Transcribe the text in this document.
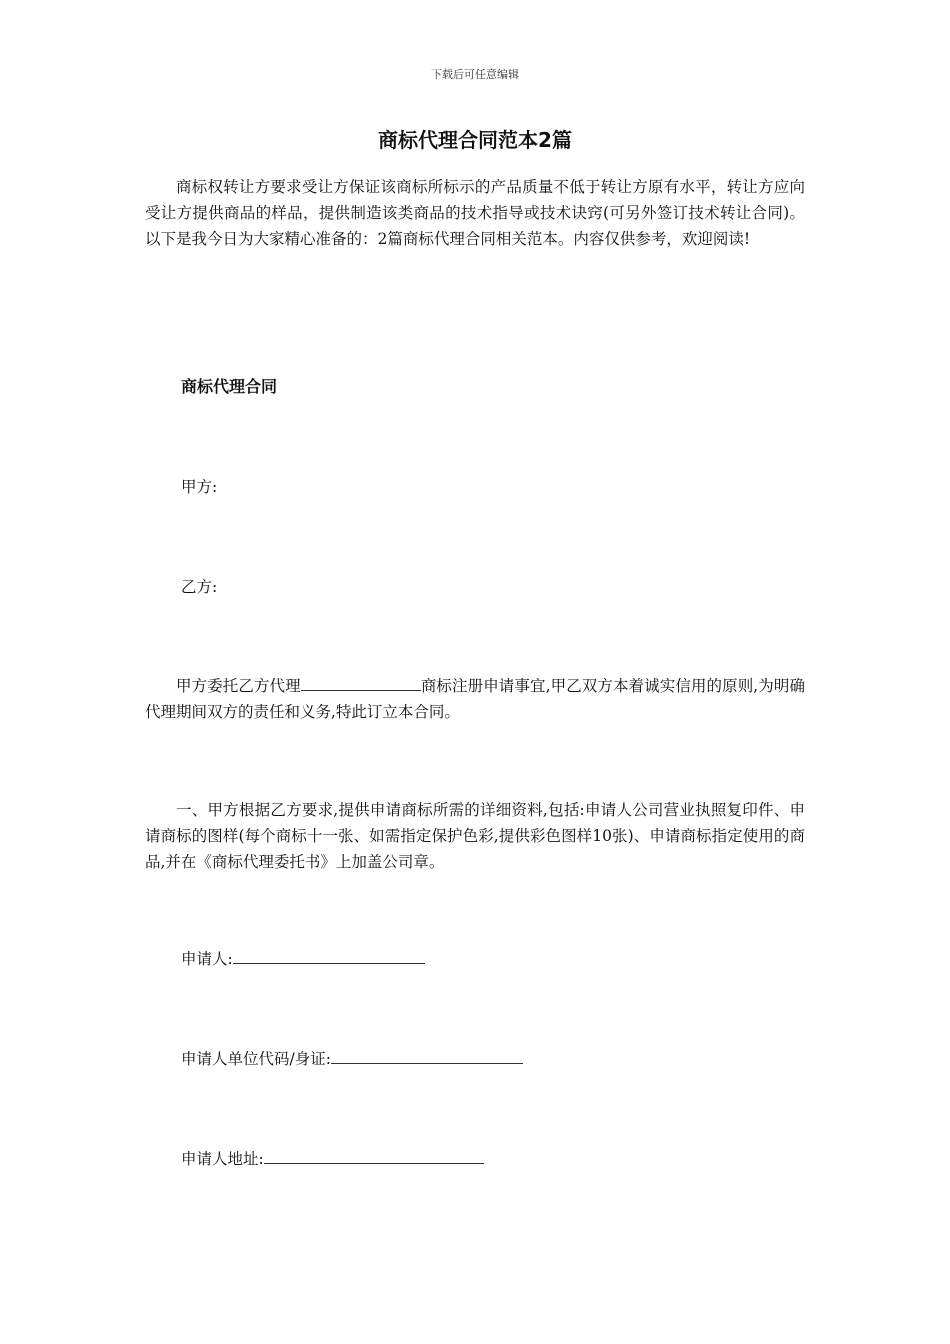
下载后可任意编辑
商标代理合同范本2篇
商标权转让方要求受让方保证该商标所标示的产品质量不低于转让方原有水平，转让方应向受让方提供商品的样品，提供制造该类商品的技术指导或技术诀窍(可另外签订技术转让合同)。以下是我今日为大家精心准备的：2篇商标代理合同相关范本。内容仅供参考，欢迎阅读!
商标代理合同
甲方:
乙方:
甲方委托乙方代理	商标注册申请事宜,甲乙双方本着诚实信用的原则,为明确代理期间双方的责任和义务,特此订立本合同。
一、甲方根据乙方要求,提供申请商标所需的详细资料,包括:申请人公司营业执照复印件、申请商标的图样(每个商标十一张、如需指定保护色彩,提供彩色图样10张)、申请商标指定使用的商品,并在《商标代理委托书》上加盖公司章。
申请人:
申请人单位代码/身证:
申请人地址:
